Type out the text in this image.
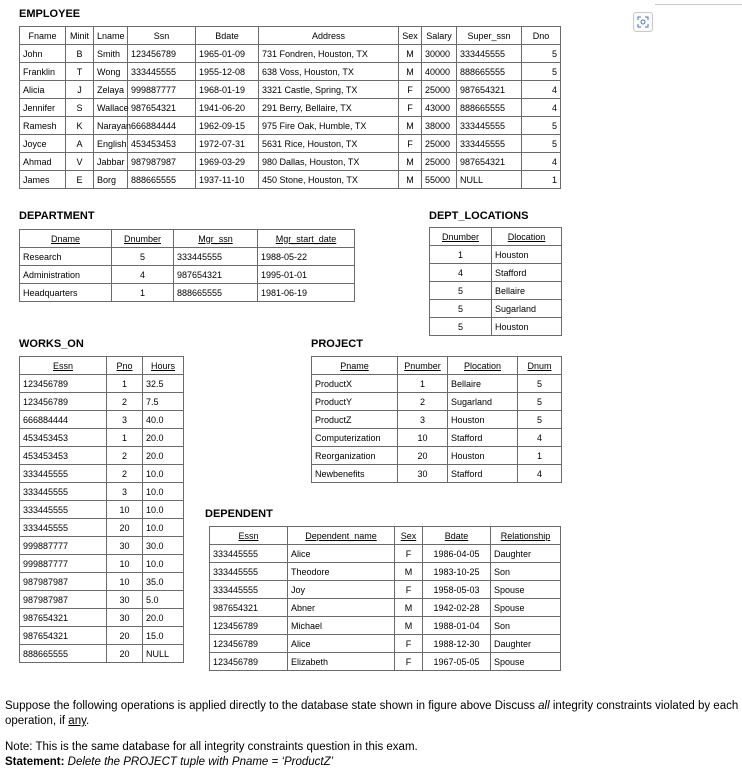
EMPLOYEE
Fname	Minit	Lname	Ssn	Bdate	Address	Sex	Salary	Super_ssn	Dno
John	B	Smith	123456789	1965-01-09	731 Fondren, Houston, TX	M	30000	333445555	5
Franklin	T	Wong	333445555	1955-12-08	638 Voss, Houston, TX	M	40000	888665555	5
Alicia	J	Zelaya	999887777	1968-01-19	3321 Castle, Spring, TX	F	25000	987654321	4
Jennifer	S	Wallace	987654321	1941-06-20	291 Berry, Bellaire, TX	F	43000	888665555	4
Ramesh	K	Narayan	666884444	1962-09-15	975 Fire Oak, Humble, TX	M	38000	333445555	5
Joyce	A	English	453453453	1972-07-31	5631 Rice, Houston, TX	F	25000	333445555	5
Ahmad	V	Jabbar	987987987	1969-03-29	980 Dallas, Houston, TX	M	25000	987654321	4
James	E	Borg	888665555	1937-11-10	450 Stone, Houston, TX	M	55000	NULL	1
DEPARTMENT
Dname	Dnumber	Mgr_ssn	Mgr_start_date
Research	5	333445555	1988-05-22
Administration	4	987654321	1995-01-01
Headquarters	1	888665555	1981-06-19
DEPT_LOCATIONS
Dnumber	Dlocation
1	Houston
4	Stafford
5	Bellaire
5	Sugarland
5	Houston
WORKS_ON
Essn	Pno	Hours
123456789	1	32.5
123456789	2	7.5
666884444	3	40.0
453453453	1	20.0
453453453	2	20.0
333445555	2	10.0
333445555	3	10.0
333445555	10	10.0
333445555	20	10.0
999887777	30	30.0
999887777	10	10.0
987987987	10	35.0
987987987	30	5.0
987654321	30	20.0
987654321	20	15.0
888665555	20	NULL
PROJECT
Pname	Pnumber	Plocation	Dnum
ProductX	1	Bellaire	5
ProductY	2	Sugarland	5
ProductZ	3	Houston	5
Computerization	10	Stafford	4
Reorganization	20	Houston	1
Newbenefits	30	Stafford	4
DEPENDENT
Essn	Dependent_name	Sex	Bdate	Relationship
333445555	Alice	F	1986-04-05	Daughter
333445555	Theodore	M	1983-10-25	Son
333445555	Joy	F	1958-05-03	Spouse
987654321	Abner	M	1942-02-28	Spouse
123456789	Michael	M	1988-01-04	Son
123456789	Alice	F	1988-12-30	Daughter
123456789	Elizabeth	F	1967-05-05	Spouse
Suppose the following operations is applied directly to the database state shown in figure above Discuss all integrity constraints violated by each operation, if any.
Note: This is the same database for all integrity constraints question in this exam.
Statement: Delete the PROJECT tuple with Pname = ‘ProductZ’
